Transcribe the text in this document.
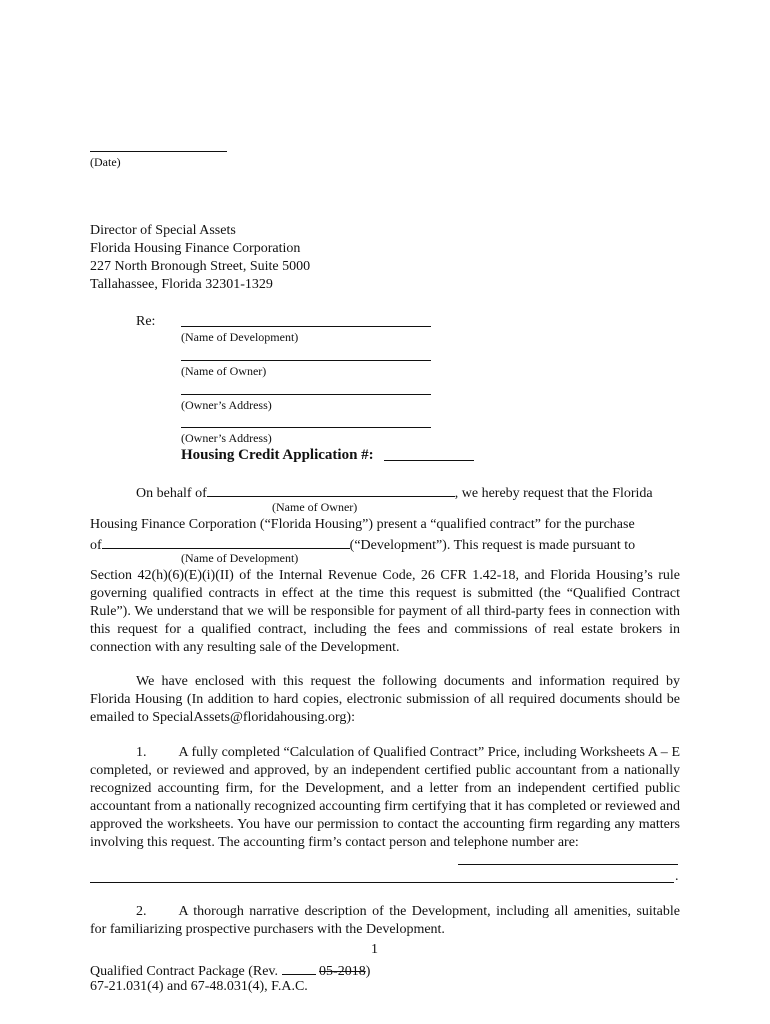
(Date)
Director of Special Assets
Florida Housing Finance Corporation
227 North Bronough Street, Suite 5000
Tallahassee, Florida 32301-1329
Re:
(Name of Development)
(Name of Owner)
(Owner’s Address)
(Owner’s Address)
Housing Credit Application #:
On behalf of	, we hereby request that the Florida
(Name of Owner)
Housing Finance Corporation (“Florida Housing”) present a “qualified contract” for the purchase
of	(“Development”). This request is made pursuant to
(Name of Development)
Section 42(h)(6)(E)(i)(II) of the Internal Revenue Code, 26 CFR 1.42-18, and Florida Housing’s rule governing qualified contracts in effect at the time this request is submitted (the “Qualified Contract Rule”). We understand that we will be responsible for payment of all third-party fees in connection with this request for a qualified contract, including the fees and commissions of real estate brokers in connection with any resulting sale of the Development.
We have enclosed with this request the following documents and information required by Florida Housing (In addition to hard copies, electronic submission of all required documents should be emailed to SpecialAssets@floridahousing.org):
1. A fully completed “Calculation of Qualified Contract” Price, including Worksheets A – E completed, or reviewed and approved, by an independent certified public accountant from a nationally recognized accounting firm, for the Development, and a letter from an independent certified public accountant from a nationally recognized accounting firm certifying that it has completed or reviewed and approved the worksheets. You have our permission to contact the accounting firm regarding any matters involving this request. The accounting firm’s contact person and telephone number are:
.
2. A thorough narrative description of the Development, including all amenities, suitable for familiarizing prospective purchasers with the Development.
1
Qualified Contract Package (Rev.	05-2018)
67-21.031(4) and 67-48.031(4), F.A.C.
